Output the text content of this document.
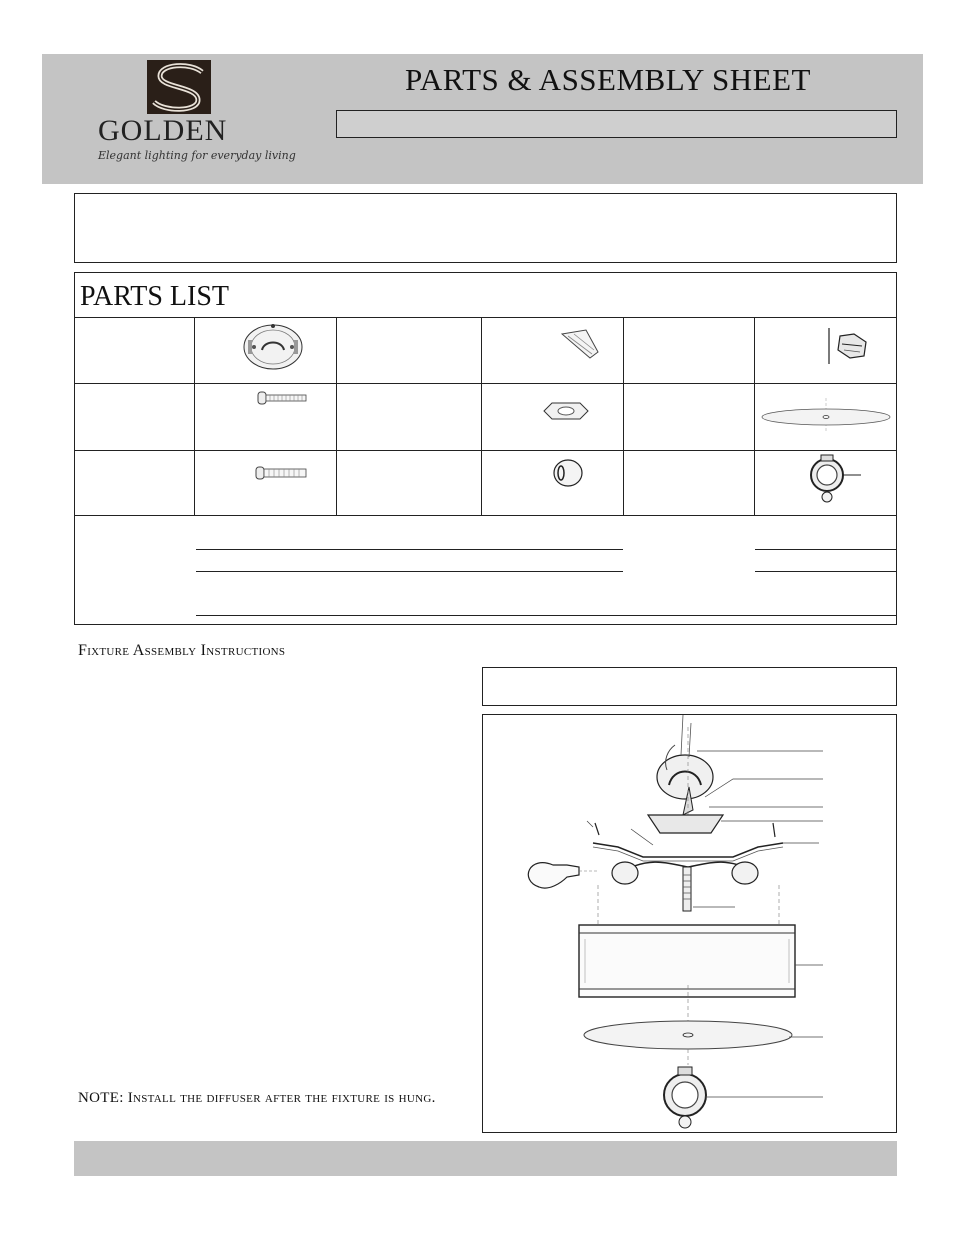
GOLDEN
Elegant lighting for everyday living
PARTS & ASSEMBLY SHEET
PARTS LIST
Fixture Assembly Instructions
NOTE: Install the diffuser after the fixture is hung.
